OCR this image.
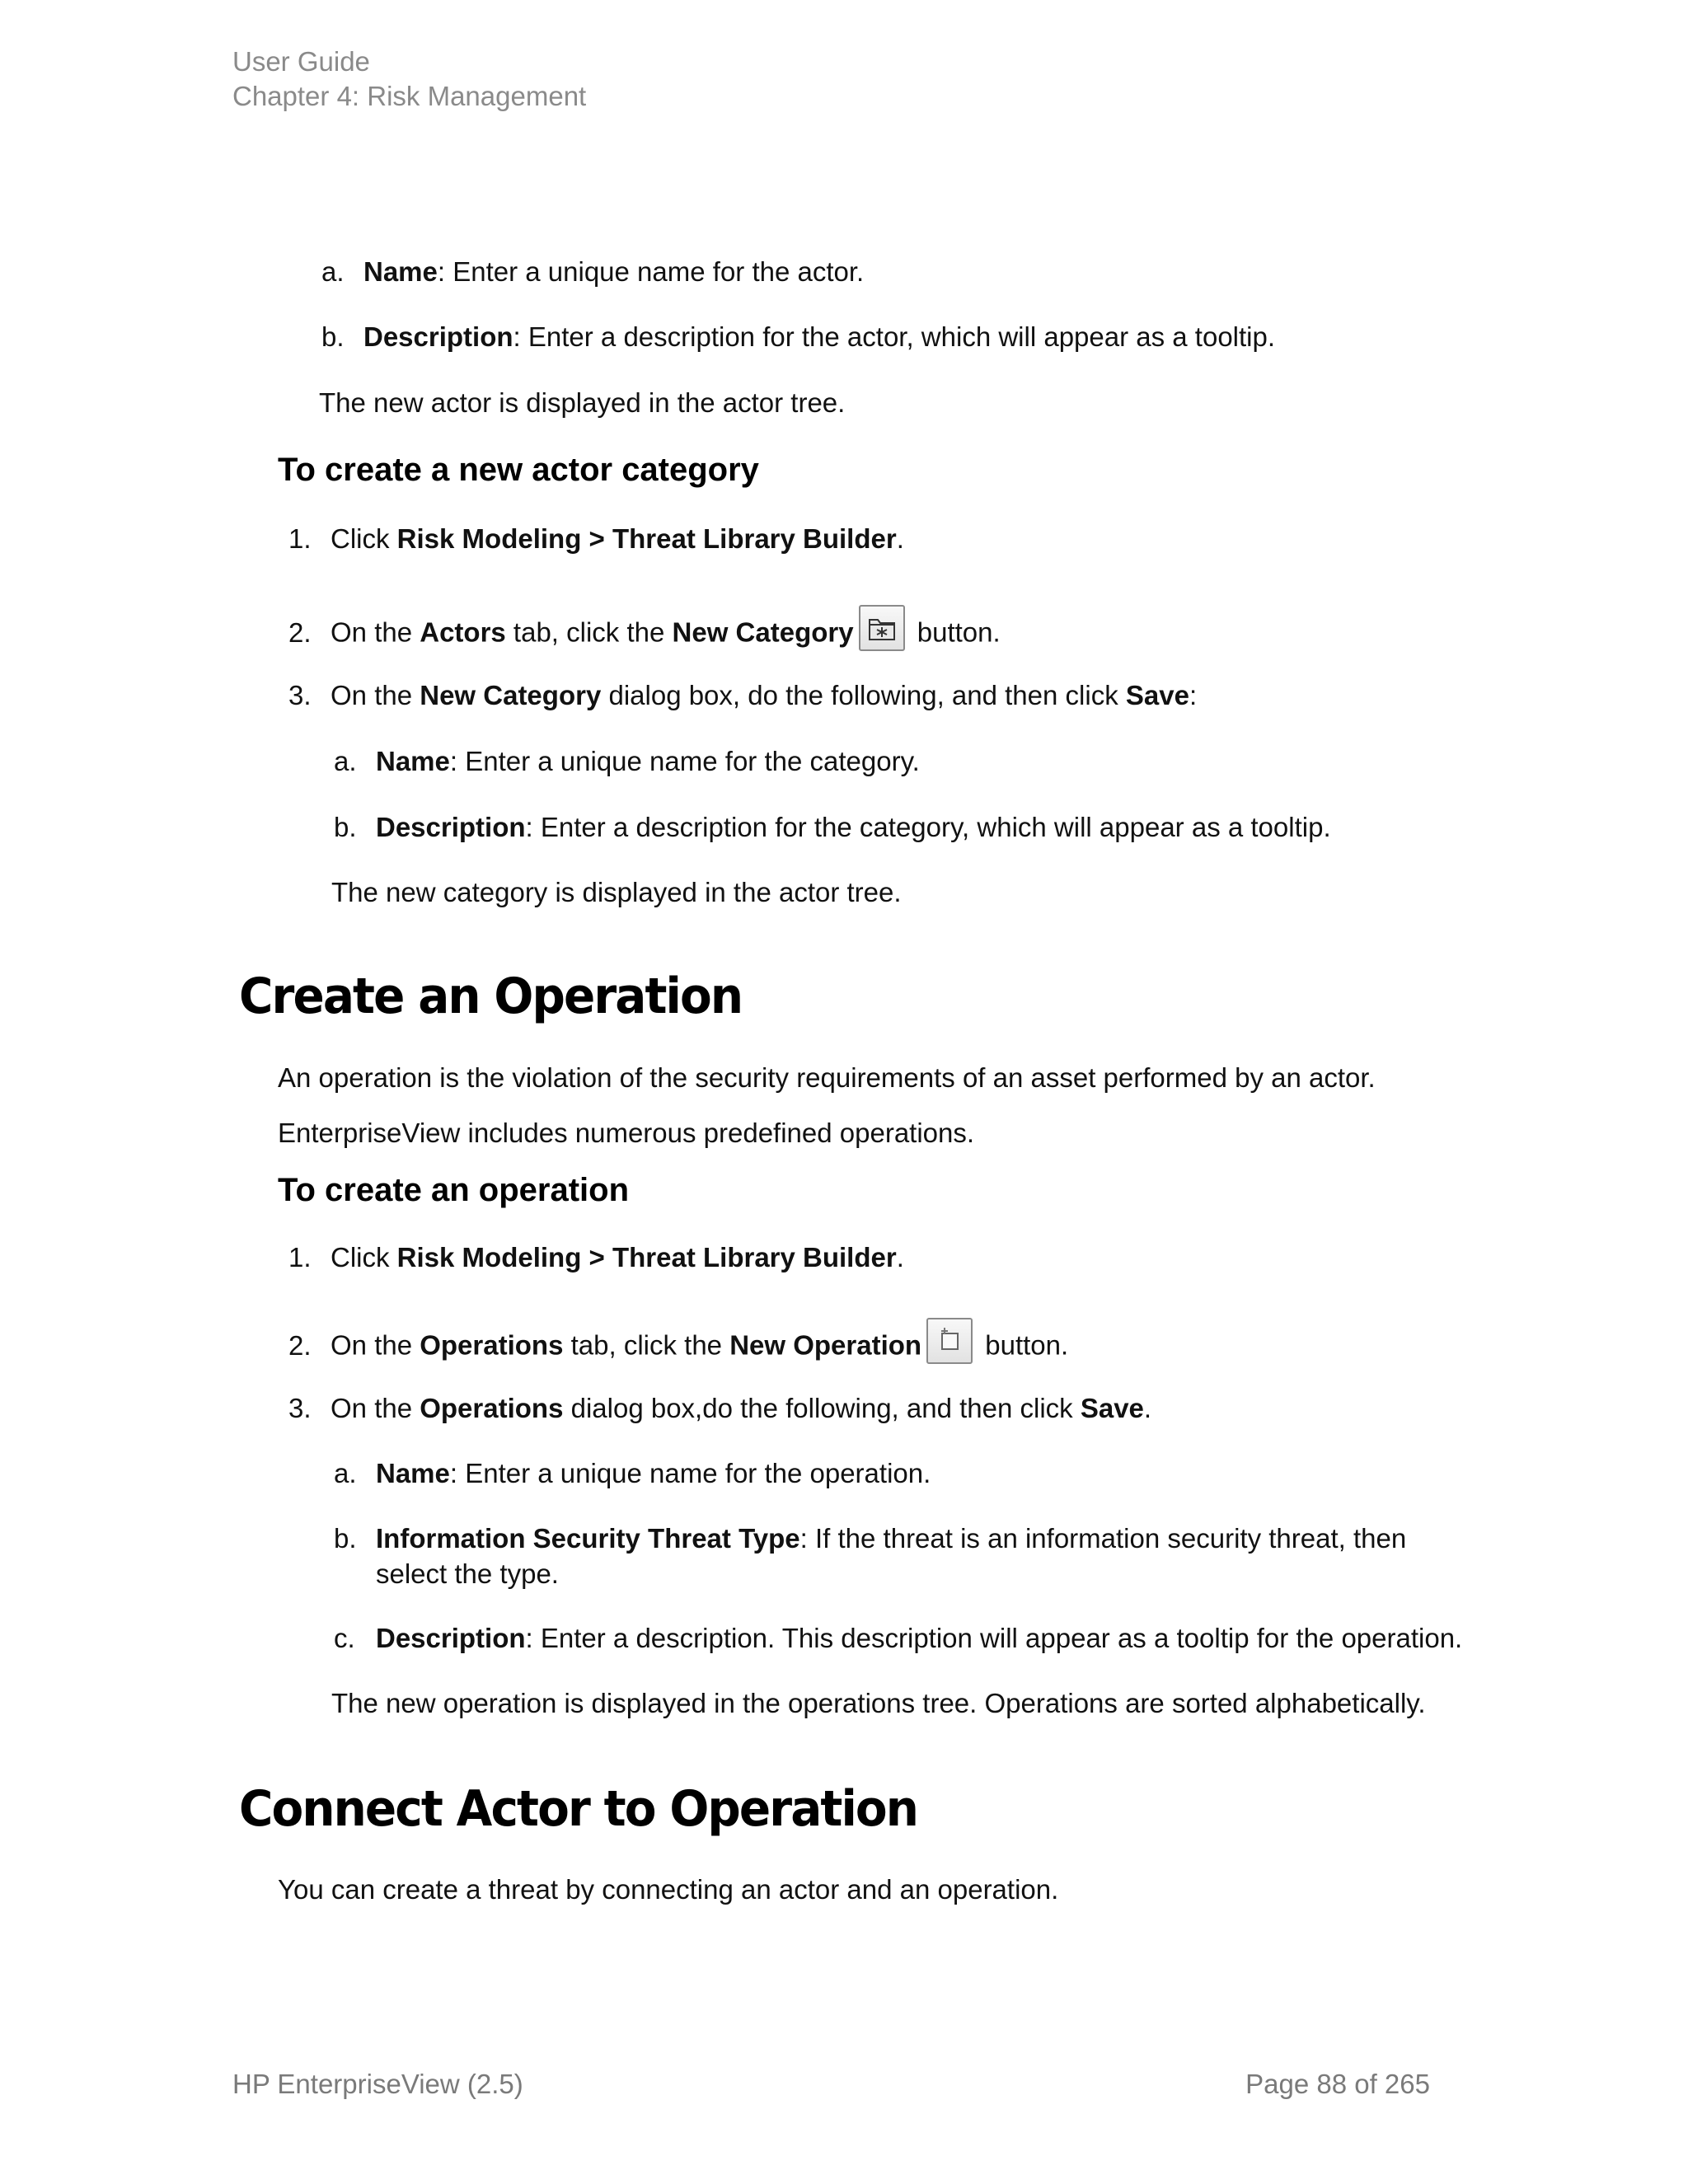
User Guide
Chapter 4: Risk Management
a. Name: Enter a unique name for the actor.
b. Description: Enter a description for the actor, which will appear as a tooltip.
The new actor is displayed in the actor tree.
To create a new actor category
1. Click Risk Modeling > Threat Library Builder.
2. On the Actors tab, click the New Category
button.
3. On the New Category dialog box, do the following, and then click Save:
a. Name: Enter a unique name for the category.
b. Description: Enter a description for the category, which will appear as a tooltip.
The new category is displayed in the actor tree.
Create an Operation
An operation is the violation of the security requirements of an asset performed by an actor.
EnterpriseView includes numerous predefined operations.
To create an operation
1. Click Risk Modeling > Threat Library Builder.
2. On the Operations tab, click the New Operation
button.
3. On the Operations dialog box,do the following, and then click Save.
a. Name: Enter a unique name for the operation.
b. Information Security Threat Type: If the threat is an information security threat, then
select the type.
c. Description: Enter a description. This description will appear as a tooltip for the operation.
The new operation is displayed in the operations tree. Operations are sorted alphabetically.
Connect Actor to Operation
You can create a threat by connecting an actor and an operation.
HP EnterpriseView (2.5)	Page 88 of 265
